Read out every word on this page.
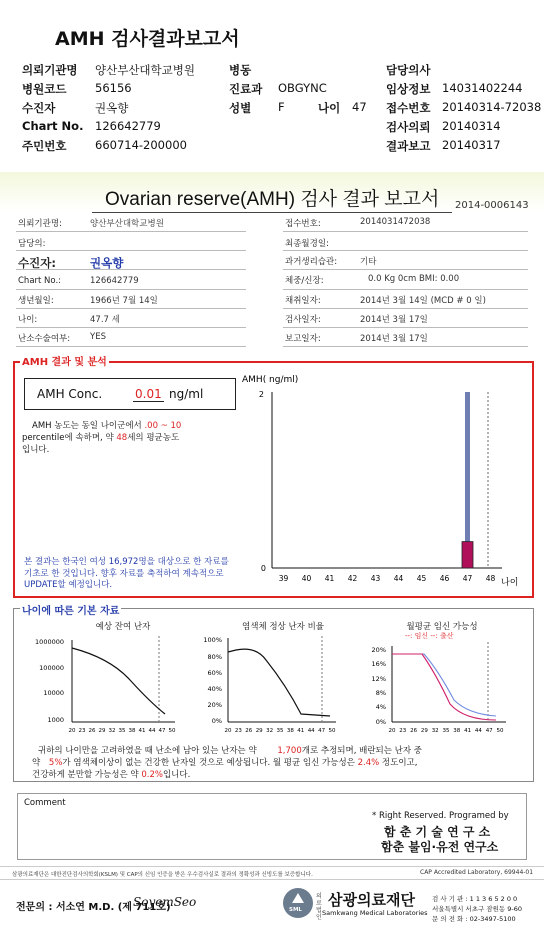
AMH 검사결과보고서
의뢰기관명 양산부산대학교병원
병원코드 56156
수진자	권옥향
Chart No. 126642779
주민번호 660714-200000
병동
진료과 OBGYNC
성별 F	나이 47
담당의사
임상정보 14031402244
접수번호 20140314-72038
검사의뢰 20140314
결과보고 20140317
Ovarian reserve(AMH) 검사 결과 보고서 2014-0006143
의뢰기관명:	양산부산대학교병원
담당의:
수진자:	권옥향
Chart No.:	126642779
생년월일:	1966년 7월 14일
나이:	47.7 세
난소수술여부: YES
접수번호:	2014031472038
최종월경일:
과거생리습관:	기타
체중/신장:	0.0 Kg 0cm BMI: 0.00
채취일자:	2014년 3월 14일 (MCD # 0 일)
검사일자:	2014년 3월 17일
보고일자:	2014년 3월 17일
AMH 결과 및 분석
AMH Conc.	0.01 ng/ml
AMH 농도는 동일 나이군에서 .00 ~ 10
percentile에 속하며, 약 48세의 평균농도
입니다.
본 결과는 한국인 여성 16,972명을 대상으로 한 자료를 기초로 한 것입니다. 향후 자료를 축적하여 계속적으로 UPDATE할 예정입니다.
39 40 41 42 43 44 45 46 47 48
AMH( ng/ml)
2
0
나이
나이에 따른 기본 자료
예상 잔여 난자
1000000
100000
10000
1000
20 23 26 29 32 35 38 41 44 47 50
염색체 정상 난자 비율
100%
80%
60%
40%
20%
0%
20 23 26 29 32 35 38 41 44 47 50
월평균 임신 가능성
--: 임신 --: 출산
20%
16%
12%
8%
4%
0%
20 23 26 29 32 35 38 41 44 47 50
귀하의 나이만을 고려하였을 때 난소에 남아 있는 난자는 약 1,700개로 추정되며, 배란되는 난자 중
약 5%가 염색체이상이 없는 건강한 난자일 것으로 예상됩니다. 월 평균 임신 가능성은 2.4% 정도이고,
건강하게 분만할 가능성은 약 0.2%입니다.
Comment
* Right Reserved. Programed by
함 춘 기 술 연 구 소
함춘 불임·유전 연구소
삼광의료재단은 대한진단검사의학회(KSLM) 및 CAP의 신임 인증을 받은 우수검사실로 결과의 정확성과 신빙도를 보증합니다.	CAP Accredited Laboratory, 69944-01
전문의 : 서소연 M.D. (제 711호)
SoyemSeo
SML
의료법인
삼광의료재단
Samkwang Medical Laboratories
검 사 기 관 : 1 1 3 6 5 2 0 0
서울특별시 서초구 잠원동 9-60
문 의 전 화 : 02-3497-5100
